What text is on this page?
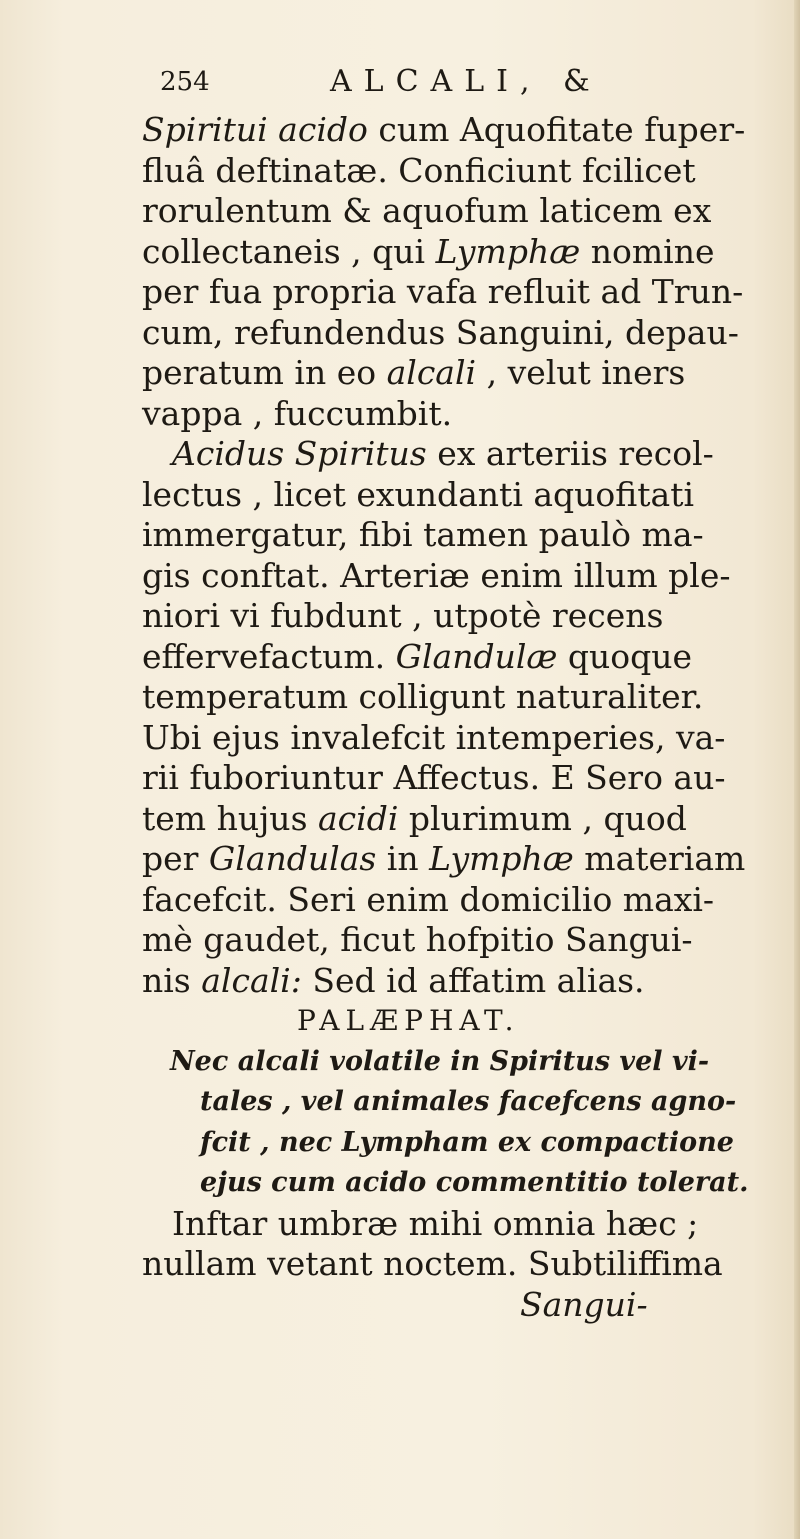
254	ALCALI, &
Spiritui acido cum Aquofitate fuper-
fluâ deftinatæ. Conficiunt fcilicet
rorulentum & aquofum laticem ex
collectaneis , qui Lymphæ nomine
per fua propria vafa refluit ad Trun-
cum, refundendus Sanguini, depau-
peratum in eo alcali , velut iners
vappa , fuccumbit.
Acidus Spiritus ex arteriis recol-
lectus , licet exundanti aquofitati
immergatur, fibi tamen paulò ma-
gis conftat. Arteriæ enim illum ple-
niori vi fubdunt , utpotè recens
effervefactum. Glandulæ quoque
temperatum colligunt naturaliter.
Ubi ejus invalefcit intemperies, va-
rii fuboriuntur Affectus. E Sero au-
tem hujus acidi plurimum , quod
per Glandulas in Lymphæ materiam
facefcit. Seri enim domicilio maxi-
mè gaudet, ficut hofpitio Sangui-
nis alcali: Sed id affatim alias.
PALÆPHAT.
Nec alcali volatile in Spiritus vel vi-
tales , vel animales facefcens agno-
fcit , nec Lympham ex compactione
ejus cum acido commentitio tolerat.
Inftar umbræ mihi omnia hæc ;
nullam vetant noctem. Subtiliffima
Sangui-
